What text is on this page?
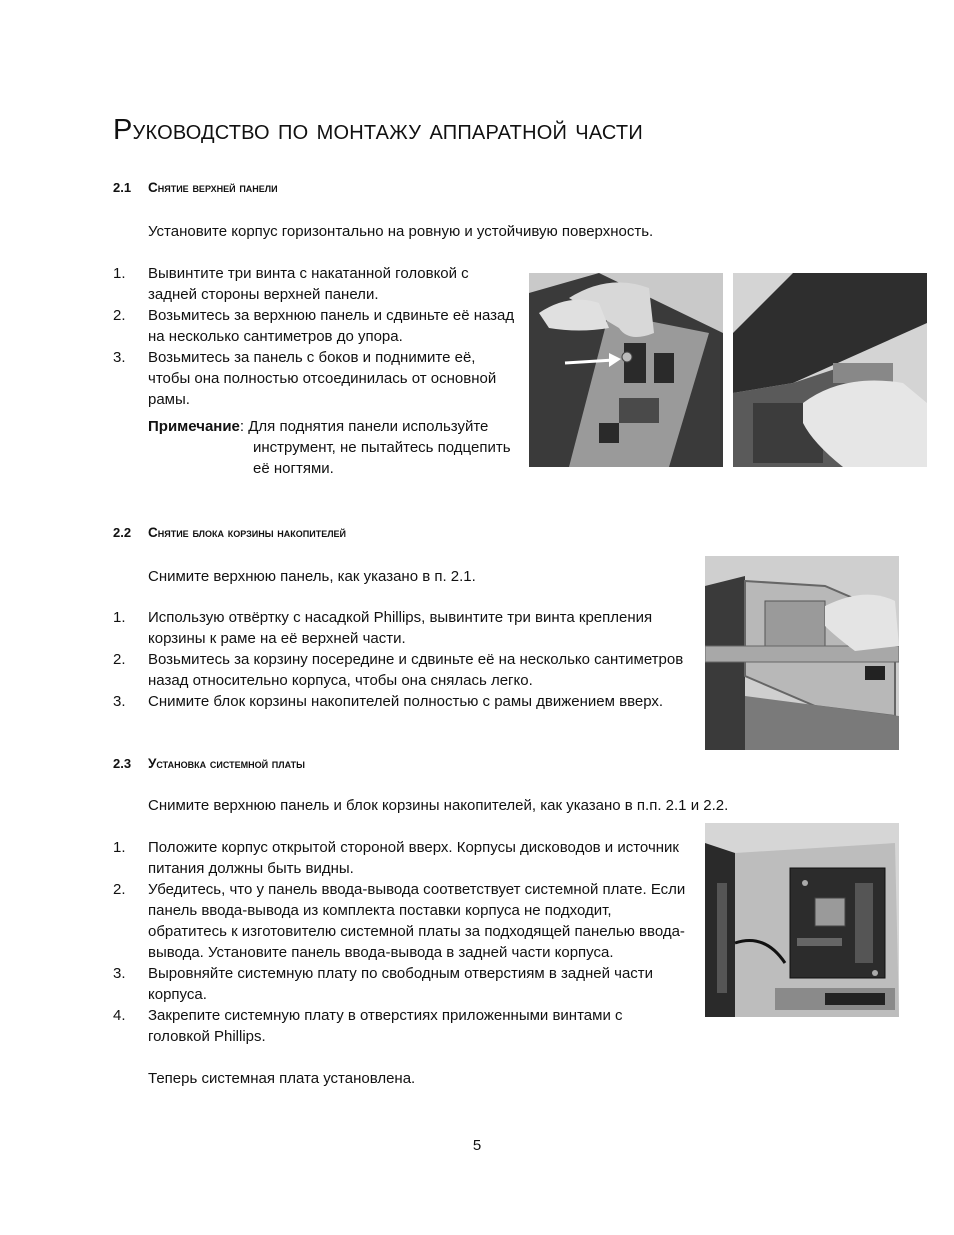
Руководство по монтажу аппаратной части
2.1 Снятие верхней панели
Установите корпус горизонтально на ровную и устойчивую поверхность.
1. Вывинтите три винта с накатанной головкой с задней стороны верхней панели.
2. Возьмитесь за верхнюю панель и сдвиньте её назад на несколько сантиметров до упора.
3. Возьмитесь за панель с боков и поднимите её, чтобы она полностью отсоединилась от основной рамы.
Примечание: Для поднятия панели используйте
инструмент, не пытайтесь подцепить её ногтями.
2.2 Снятие блока корзины накопителей
Снимите верхнюю панель, как указано в п. 2.1.
1. Использую отвёртку с насадкой Phillips, вывинтите три винта крепления корзины к раме на её верхней части.
2. Возьмитесь за корзину посередине и сдвиньте её на несколько сантиметров назад относительно корпуса, чтобы она снялась легко.
3. Снимите блок корзины накопителей полностью с рамы движением вверх.
2.3 Установка системной платы
Снимите верхнюю панель и блок корзины накопителей, как указано в п.п. 2.1 и 2.2.
1. Положите корпус открытой стороной вверх. Корпусы дисководов и источник питания должны быть видны.
2. Убедитесь, что у панель ввода-вывода соответствует системной плате. Если панель ввода-вывода из комплекта поставки корпуса не подходит, обратитесь к изготовителю системной платы за подходящей панелью ввода-вывода. Установите панель ввода-вывода в задней части корпуса.
3. Выровняйте системную плату по свободным отверстиям в задней части корпуса.
4. Закрепите системную плату в отверстиях приложенными винтами с головкой Phillips.
Теперь системная плата установлена.
5
